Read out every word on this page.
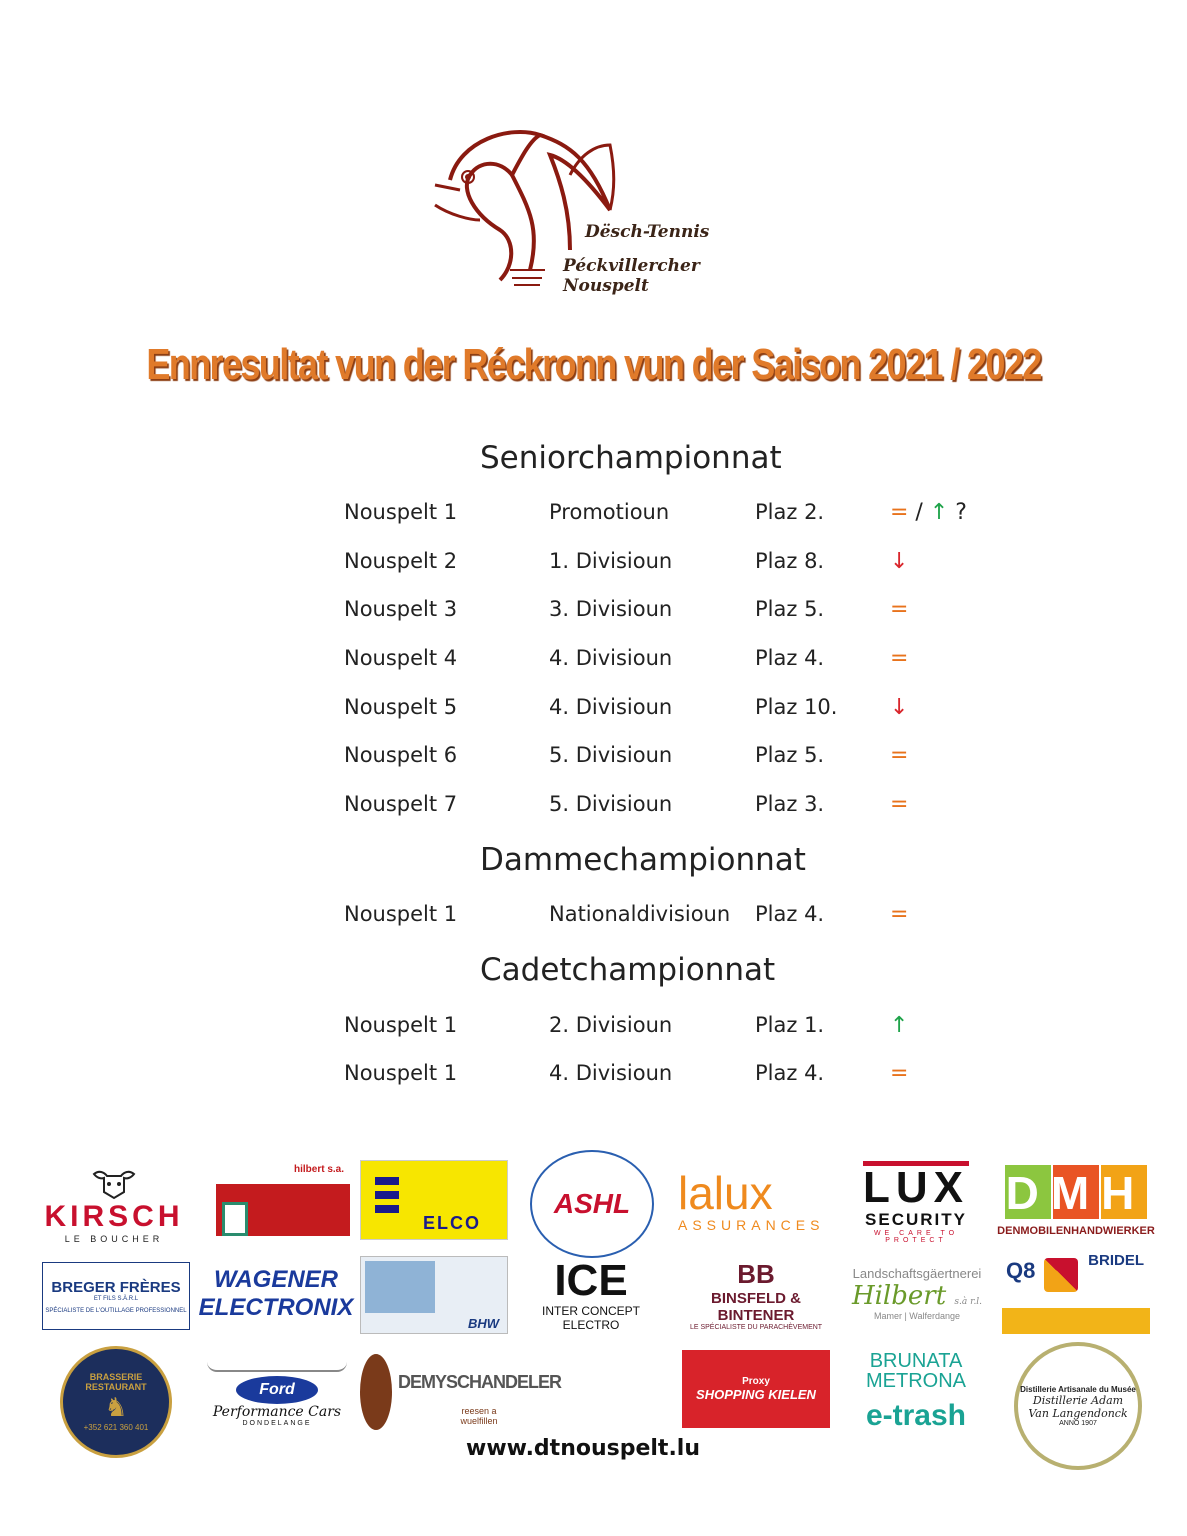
Dësch-Tennis
Péckvillercher Nouspelt
Ennresultat vun der Réckronn vun der Saison 2021 / 2022
Seniorchampionnat
Nouspelt 1	Promotioun	Plaz 2.	= / ↑ ?
Nouspelt 2	1. Divisioun	Plaz 8.	↓
Nouspelt 3	3. Divisioun	Plaz 5.	=
Nouspelt 4	4. Divisioun	Plaz 4.	=
Nouspelt 5	4. Divisioun	Plaz 10. ↓
Nouspelt 6	5. Divisioun	Plaz 5.	=
Nouspelt 7	5. Divisioun	Plaz 3.	=
Dammechampionnat
Nouspelt 1	Nationaldivisioun Plaz 4.	=
Cadetchampionnat
Nouspelt 1	2. Divisioun	Plaz 1.	↑
Nouspelt 1	4. Divisioun	Plaz 4.	=
KIRSCH
LE BOUCHER
hilbert s.a.
ELCO
ASHL lalux
ASSURANCES
LUX
SECURITY
WE CARE TO PROTECT
DMH
DENMOBILENHANDWIERKER
BREGER FRÈRES
ET FILS S.À.R.L
SPÉCIALISTE DE L'OUTILLAGE PROFESSIONNEL
WAGENER
ELECTRONIX
BHW
ICE
INTER CONCEPT ELECTRO
BB
BINSFELD & BINTENER
LE SPÉCIALISTE DU PARACHÈVEMENT
Landschaftsgäertnerei
Hilbert s.à r.l.
Mamer | Walferdange
Q8	BRIDEL
BRASSERIE RESTAURANT
♞
+352 621 360 401
Ford
Performance Cars
DONDELANGE
DEMYSCHANDELER
reesen a wuelfillen
Proxy
SHOPPING KIELEN
BRUNATA
METRONA
e-trash
Distillerie Artisanale du Musée
Distillerie Adam Van Langendonck
ANNO 1907
www.dtnouspelt.lu
